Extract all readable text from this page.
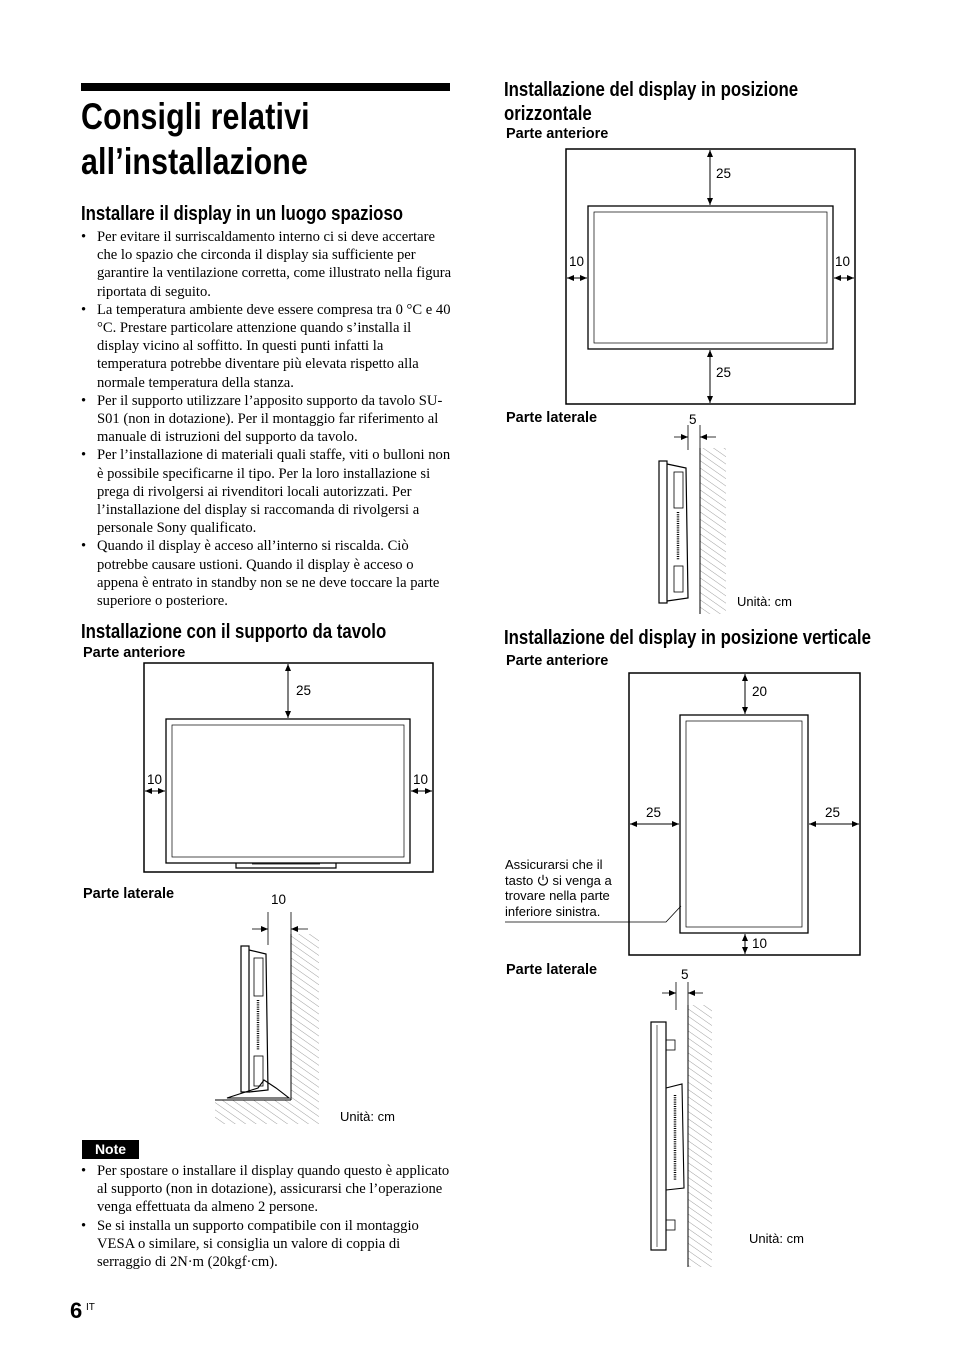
Consigli relativi
all’installazione
Installare il display in un luogo spazioso
• Per evitare il surriscaldamento interno ci si deve accertare che lo spazio che circonda il display sia sufficiente per garantire la ventilazione corretta, come illustrato nella figura riportata di seguito.
• La temperatura ambiente deve essere compresa tra 0 °C e 40 °C. Prestare particolare attenzione quando s’installa il display vicino al soffitto. In questi punti infatti la temperatura potrebbe diventare più elevata rispetto alla normale temperatura della stanza.
• Per il supporto utilizzare l’apposito supporto da tavolo SU-S01 (non in dotazione). Per il montaggio far riferimento al manuale di istruzioni del supporto da tavolo.
• Per l’installazione di materiali quali staffe, viti o bulloni non è possibile specificarne il tipo. Per la loro installazione si prega di rivolgersi ai rivenditori locali autorizzati. Per l’installazione del display si raccomanda di rivolgersi a personale Sony qualificato.
• Quando il display è acceso all’interno si riscalda. Ciò potrebbe causare ustioni. Quando il display è acceso o appena è entrato in standby non se ne deve toccare la parte superiore o posteriore.
Installazione con il supporto da tavolo
Parte anteriore
25
10	10
Parte laterale	10
Unità: cm
Note
• Per spostare o installare il display quando questo è applicato al supporto (non in dotazione), assicurarsi che l’operazione venga effettuata da almeno 2 persone.
• Se si installa un supporto compatibile con il montaggio VESA o similare, si consiglia un valore di coppia di serraggio di 2N·m (20kgf·cm).
6 IT
Installazione del display in posizione
orizzontale
Parte anteriore
25
25
10	10
Parte laterale	5
Unità: cm
Installazione del display in posizione verticale
Parte anteriore
20
25	25
10
Assicurarsi che il
tasto si venga a
trovare nella parte
inferiore sinistra.
Parte laterale	5
Unità: cm
